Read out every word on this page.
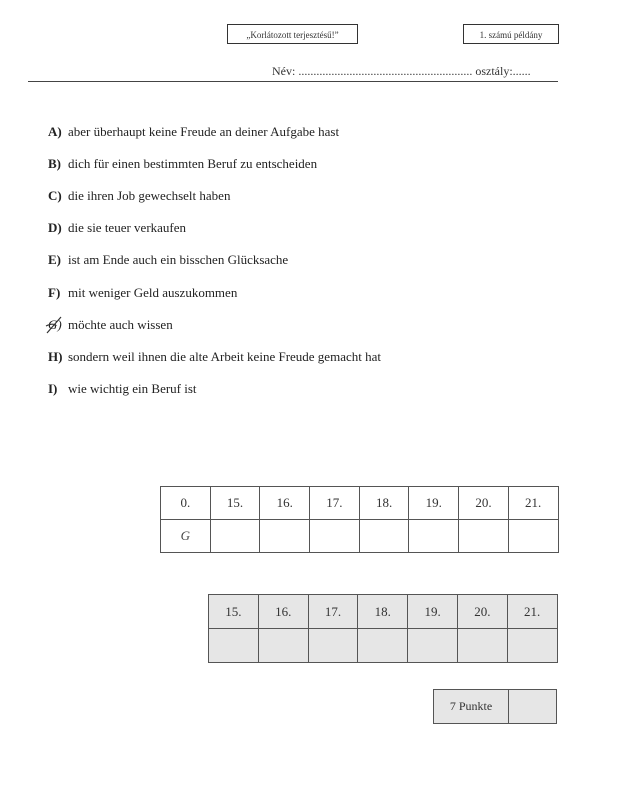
„Korlátozott terjesztésű!”	1. számú példány
Név: .......................................................... osztály:......
A) aber überhaupt keine Freude an deiner Aufgabe hast
B) dich für einen bestimmten Beruf zu entscheiden
C) die ihren Job gewechselt haben
D) die sie teuer verkaufen
E) ist am Ende auch ein bisschen Glücksache
F) mit weniger Geld auszukommen
G) möchte auch wissen
H) sondern weil ihnen die alte Arbeit keine Freude gemacht hat
I) wie wichtig ein Beruf ist
0.	15.	16.	17.	18.	19.	20.	21.
G							
15.	16.	17.	18.	19.	20.	21.

7 Punkte	
